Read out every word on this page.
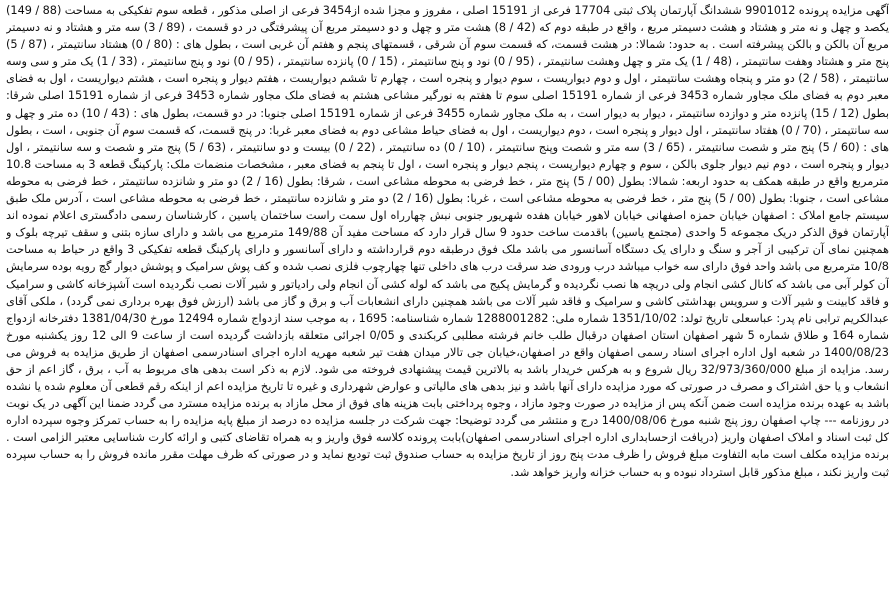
آگهی مزایده پرونده 9901012 ششدانگ آپارتمان پلاک ثبتی 17704 فرعی از 15191 اصلی ، مفروز و مجزا شده از3454 فرعی از اصلی مذکور ، قطعه سوم تفکیکی به مساحت (88 / 149) یکصد و چهل و نه متر و هشتاد و هشت دسیمتر مربع ، واقع در طبقه دوم که (42 / 8) هشت متر و چهل و دو دسیمتر مربع آن پیشرفتگی در دو قسمت ، (89 / 3) سه متر و هشتاد و نه دسیمتر مربع آن بالکن و بالکن پیشرفته است . به حدود: شمالا: در هشت قسمت، که قسمت سوم آن شرقی ، قسمتهای پنجم و هفتم آن غربی است ، بطول های : (80 / 0) هشتاد سانتیمتر ، (87 / 5) پنج متر و هشتاد وهفت سانتیمتر ، (48 / 1) یک متر و چهل وهشت سانتیمتر ، (95 / 0) نود و پنج سانتیمتر ، (15 / 0) پانزده سانتیمتر ، (95 / 0) نود و پنج سانتیمتر ، (33 / 1) یک متر و سی وسه سانتیمتر ، (58 / 2) دو متر و پنجاه وهشت سانتیمتر ، اول و دوم دیواریست ، سوم دیوار و پنجره است ، چهارم تا ششم دیواریست ، هفتم دیوار و پنجره است ، هشتم دیواریست ، اول به فضای معبر دوم به فضای ملک مجاور شماره 3453 فرعی از شماره 15191 اصلی سوم تا هفتم به نورگیر مشاعی هشتم به فضای ملک مجاور شماره 3453 فرعی از شماره 15191 اصلی شرقا: بطول (12 / 15) پانزده متر و دوازده سانتیمتر ، دیوار به دیوار است ، به ملک مجاور شماره 3455 فرعی از شماره 15191 اصلی جنوبا: در دو قسمت، بطول های : (43 / 10) ده متر و چهل و سه سانتیمتر ، (70 / 0) هفتاد سانتیمتر ، اول دیوار و پنجره است ، دوم دیواریست ، اول به فضای حیاط مشاعی دوم به فضای معبر غربا: در پنج قسمت، که قسمت سوم آن جنوبی ، است ، بطول های : (60 / 5) پنج متر و شصت سانتیمتر ، (65 / 3) سه متر و شصت وپنج سانتیمتر ، (10 / 0) ده سانتیمتر ، (22 / 0) بیست و دو سانتیمتر ، (63 / 5) پنج متر و شصت و سه سانتیمتر ، اول دیوار و پنجره است ، دوم نیم دیوار جلوی بالکن ، سوم و چهارم دیواریست ، پنجم دیوار و پنجره است ، اول تا پنجم به فضای معبر ، مشخصات منضمات ملک: پارکینگ قطعه 3 به مساحت 10.8 مترمربع واقع در طبقه همکف به حدود اربعه: شمالا: بطول (00 / 5) پنج متر ، خط فرضی به محوطه مشاعی است ، شرقا: بطول (16 / 2) دو متر و شانزده سانتیمتر ، خط فرضی به محوطه مشاعی است ، جنوبا: بطول (00 / 5) پنج متر ، خط فرضی به محوطه مشاعی است ، غربا: بطول (16 / 2) دو متر و شانزده سانتیمتر ، خط فرضی به محوطه مشاعی است ، آدرس ملک طبق سیستم جامع املاک : اصفهان خیابان حمزه اصفهانی خیابان لاهور خیابان هفده شهریور جنوبی نبش چهارراه اول سمت راست ساختمان یاسین ، کارشناسان رسمی دادگستری اعلام نموده اند آپارتمان فوق الذکر دریک مجموعه 5 واحدی (مجتمع یاسین) باقدمت ساخت حدود 9 سال قرار دارد که مساحت مفید آن 149/88 مترمربع می باشد و دارای سازه بتنی و سقف تیرچه بلوک و همچنین نمای آن ترکیبی از آجر و سنگ و دارای یک دستگاه آسانسور می باشد ملک فوق درطبقه دوم قرارداشته و دارای آسانسور و دارای پارکینگ قطعه تفکیکی 3 واقع در حیاط به مساحت 10/8 مترمربع می باشد واحد فوق دارای سه خواب میباشد درب ورودی ضد سرقت درب های داخلی تنها چهارچوب فلزی نصب شده و کف پوش سرامیک و پوشش دیوار گچ رویه بوده سرمایش آن کولر آبی می باشد که کانال کشی انجام ولی دریچه ها نصب نگردیده و گرمایش پکیج می باشد که لوله کشی آن انجام ولی رادیاتور و شیر آلات نصب نگردیده است آشپزخانه کاشی و سرامیک و فاقد کابینت و شیر آلات و سرویس بهداشتی کاشی و سرامیک و فاقد شیر آلات می باشد همچنین دارای انشعابات آب و برق و گاز می باشد (ارزش فوق بهره برداری نمی گردد) ، ملکی آقای عبدالکریم ترابی نام پدر: عباسعلی تاریخ تولد: 1351/10/02 شماره ملی: 1288001282 شماره شناسنامه: 1695 ، به موجب سند ازدواج شماره 12494 مورخ 1381/04/30 دفترخانه ازدواج شماره 164 و طلاق شماره 5 شهر اصفهان استان اصفهان درقبال طلب خانم فرشته مطلبی کربکندی و 0/05 اجرائی متعلقه بازداشت گردیده است از ساعت 9 الی 12 روز یکشنبه مورخ 1400/08/23 در شعبه اول اداره اجرای اسناد رسمی اصفهان واقع در اصفهان،خیابان جی تالار میدان هفت تیر شعبه مهریه اداره اجرای اسنادرسمی اصفهان از طریق مزایده به فروش می رسد. مزایده از مبلغ 32/973/360/000 ریال شروع و به هرکس خریدار باشد به بالاترین قیمت پیشنهادی فروخته می شود. لازم به ذکر است بدهی های مربوط به آب ، برق ، گاز اعم از حق انشعاب و یا حق اشتراک و مصرف در صورتی که مورد مزایده دارای آنها باشد و نیز بدهی های مالیاتی و عوارض شهرداری و غیره تا تاریخ مزایده اعم از اینکه رقم قطعی آن معلوم شده یا نشده باشد به عهده برنده مزایده است ضمن آنکه پس از مزایده در صورت وجود مازاد ، وجوه پرداختی بابت هزینه های فوق از محل مازاد به برنده مزایده مسترد می گردد ضمنا این آگهی در یک نوبت در روزنامه --- چاپ اصفهان روز پنج شنبه مورخ 1400/08/06 درج و منتشر می گردد توضیحا: جهت شرکت در جلسه مزایده ده درصد از مبلغ پایه مزایده را به حساب تمرکز وجوه سپرده اداره کل ثبت اسناد و املاک اصفهان واریز (دریافت ازحسابداری اداره اجرای اسنادرسمی اصفهان)بابت پرونده کلاسه فوق واریز و به همراه تقاضای کتبی و ارائه کارت شناسایی معتبر الزامی است . برنده مزایده مکلف است مابه التفاوت مبلغ فروش را ظرف مدت پنج روز از تاریخ مزایده به حساب صندوق ثبت تودیع نماید و در صورتی که ظرف مهلت مقرر مانده فروش را به حساب سپرده ثبت واریز نکند ، مبلغ مذکور قابل استرداد نبوده و به حساب خزانه واریز خواهد شد.
